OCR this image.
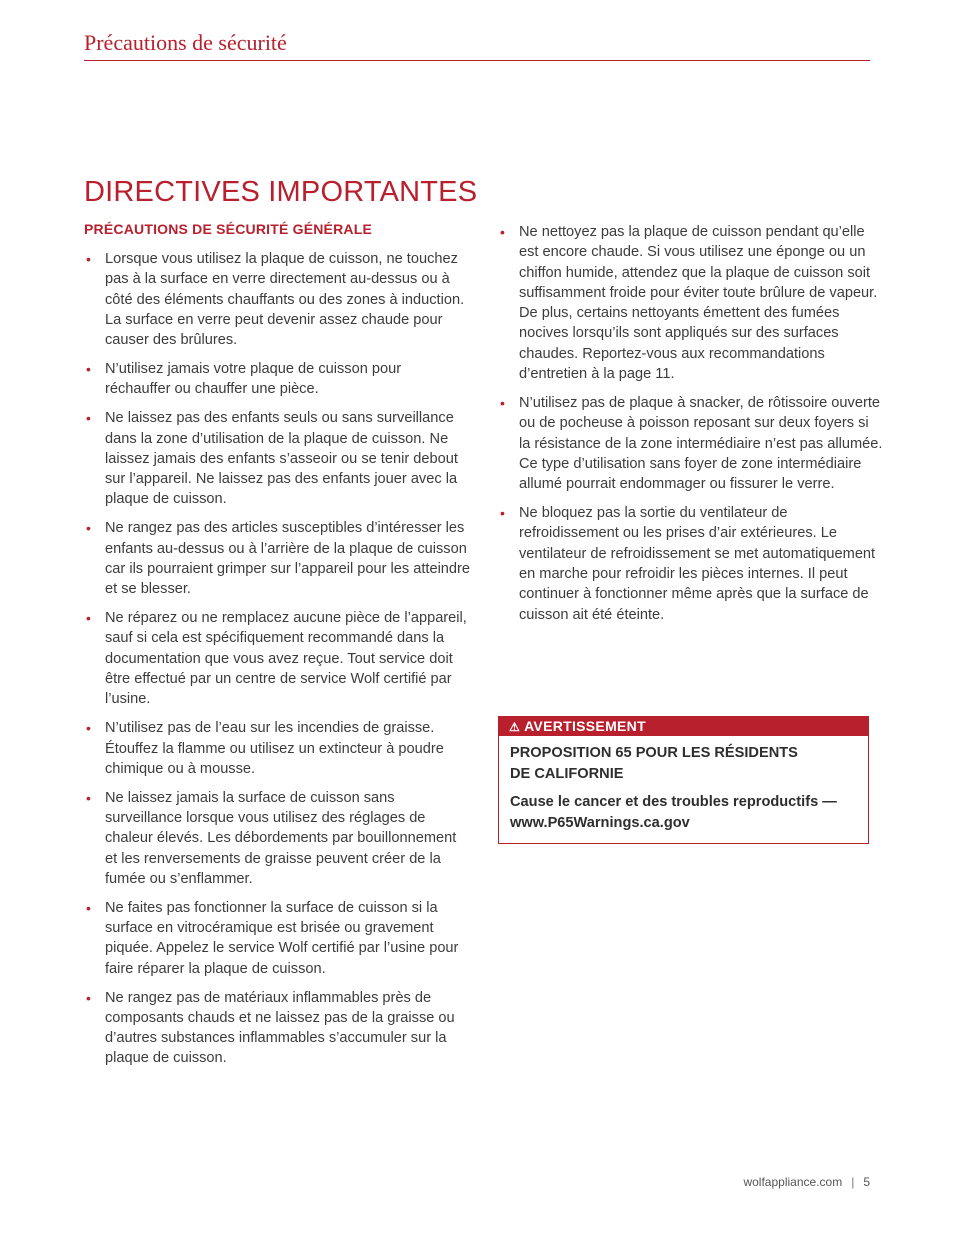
Précautions de sécurité
DIRECTIVES IMPORTANTES
PRÉCAUTIONS DE SÉCURITÉ GÉNÉRALE
• Lorsque vous utilisez la plaque de cuisson, ne touchez pas à la surface en verre directement au-dessus ou à côté des éléments chauffants ou des zones à induction. La surface en verre peut devenir assez chaude pour causer des brûlures.
• N’utilisez jamais votre plaque de cuisson pour réchauffer ou chauffer une pièce.
• Ne laissez pas des enfants seuls ou sans surveillance dans la zone d’utilisation de la plaque de cuisson. Ne laissez jamais des enfants s’asseoir ou se tenir debout sur l’appareil. Ne laissez pas des enfants jouer avec la plaque de cuisson.
• Ne rangez pas des articles susceptibles d’intéresser les enfants au-dessus ou à l’arrière de la plaque de cuisson car ils pourraient grimper sur l’appareil pour les atteindre et se blesser.
• Ne réparez ou ne remplacez aucune pièce de l’appareil, sauf si cela est spécifiquement recommandé dans la documentation que vous avez reçue. Tout service doit être effectué par un centre de service Wolf certifié par l’usine.
• N’utilisez pas de l’eau sur les incendies de graisse. Étouffez la flamme ou utilisez un extincteur à poudre chimique ou à mousse.
• Ne laissez jamais la surface de cuisson sans surveillance lorsque vous utilisez des réglages de chaleur élevés. Les débordements par bouillonnement et les renversements de graisse peuvent créer de la fumée ou s’enflammer.
• Ne faites pas fonctionner la surface de cuisson si la surface en vitrocéramique est brisée ou gravement piquée. Appelez le service Wolf certifié par l’usine pour faire réparer la plaque de cuisson.
• Ne rangez pas de matériaux inflammables près de composants chauds et ne laissez pas de la graisse ou d’autres substances inflammables s’accumuler sur la plaque de cuisson.
• Ne nettoyez pas la plaque de cuisson pendant qu’elle est encore chaude. Si vous utilisez une éponge ou un chiffon humide, attendez que la plaque de cuisson soit suffisamment froide pour éviter toute brûlure de vapeur. De plus, certains nettoyants émettent des fumées nocives lorsqu’ils sont appliqués sur des surfaces chaudes. Reportez-vous aux recommandations d’entretien à la page 11.
• N’utilisez pas de plaque à snacker, de rôtissoire ouverte ou de pocheuse à poisson reposant sur deux foyers si la résistance de la zone intermédiaire n’est pas allumée. Ce type d’utilisation sans foyer de zone intermédiaire allumé pourrait endommager ou fissurer le verre.
• Ne bloquez pas la sortie du ventilateur de refroidissement ou les prises d’air extérieures. Le ventilateur de refroidissement se met automatiquement en marche pour refroidir les pièces internes. Il peut continuer à fonctionner même après que la surface de cuisson ait été éteinte.
⚠ AVERTISSEMENT
PROPOSITION 65 POUR LES RÉSIDENTS
DE CALIFORNIE
Cause le cancer et des troubles reproductifs — www.P65Warnings.ca.gov
wolfappliance.com | 5
